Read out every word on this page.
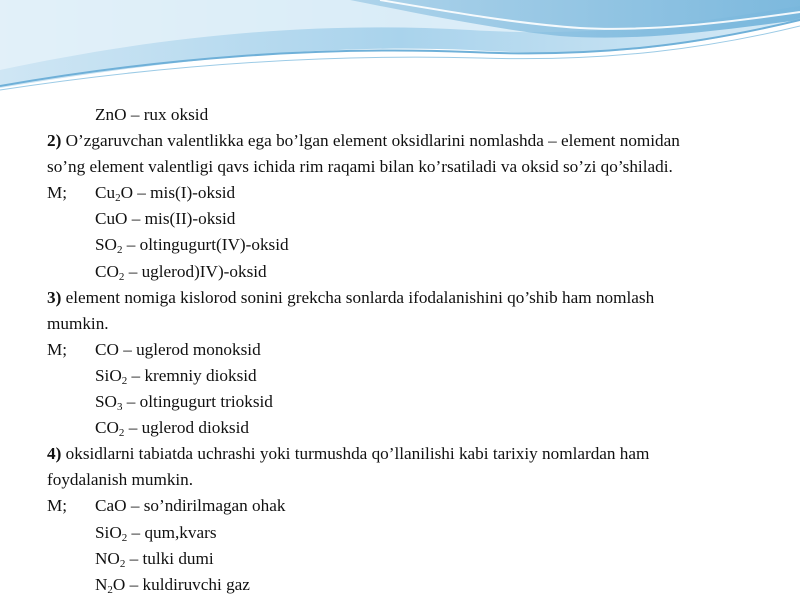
ZnO – rux oksid
2) O’zgaruvchan valentlikka ega bo’lgan element oksidlarini nomlashda – element nomidan
so’ng element valentligi qavs ichida rim raqami bilan ko’rsatiladi va oksid so’zi qo’shiladi.
M; $Cu_2O$ – mis(I)-oksid
CuO – mis(II)-oksid
$SO_2$ – oltingugurt(IV)-oksid
$CO_2$ – uglerod)IV)-oksid
3) element nomiga kislorod sonini grekcha sonlarda ifodalanishini qo’shib ham nomlash
mumkin.
M; CO – uglerod monoksid
SiO$_2$ – kremniy dioksid
$SO_3$ – oltingugurt trioksid
$CO_2$ – uglerod dioksid
4) oksidlarni tabiatda uchrashi yoki turmushda qo’llanilishi kabi tarixiy nomlardan ham
foydalanish mumkin.
M; CaO – so’ndirilmagan ohak
SiO$_2$ – qum,kvars
$NO_2$ – tulki dumi
$N_2O$ – kuldiruvchi gaz
